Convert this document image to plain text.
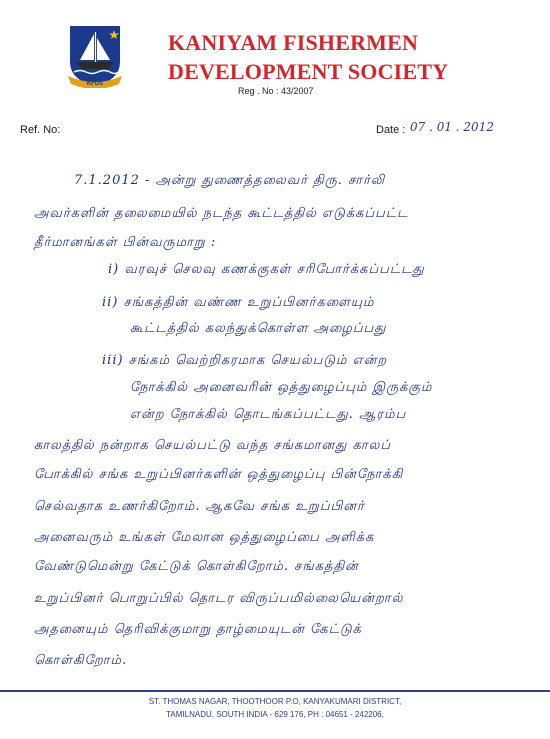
KFDS
KANIYAM FISHERMEN
DEVELOPMENT SOCIETY
Reg . No : 43/2007
Ref. No:	Date : 07 . 01 . 2012
7.1.2012 - அன்று துணைத்தலைவர் திரு. சார்லி
அவர்களின் தலைமையில் நடந்த கூட்டத்தில் எடுக்கப்பட்ட
தீர்மானங்கள் பின்வருமாறு :
i) வரவுச் செலவு கணக்குகள் சரிபோர்க்கப்பட்டது
ii) சங்கத்தின் வண்ண உறுப்பினர்களையும்
கூட்டத்தில் கலந்துக்கொள்ள அழைப்பது
iii) சங்கம் வெற்றிகரமாக செயல்படும் என்ற
நோக்கில் அனைவரின் ஒத்துழைப்பும் இருக்கும்
என்ற நோக்கில் தொடங்கப்பட்டது. ஆரம்ப
காலத்தில் நன்றாக செயல்பட்டு வந்த சங்கமானது காலப்
போக்கில் சங்க உறுப்பினர்களின் ஒத்துழைப்பு பின்நோக்கி
செல்வதாக உணர்கிறோம். ஆகவே சங்க உறுப்பினர்
அனைவரும் உங்கள் மேலான ஒத்துழைப்பை அளிக்க
வேண்டுமென்று கேட்டுக் கொள்கிறோம். சங்கத்தின்
உறுப்பினர் பொறுப்பில் தொடர விருப்பமில்லையென்றால்
அதனையும் தெரிவிக்குமாறு தாழ்மையுடன் கேட்டுக்
கொள்கிறோம்.
ST. THOMAS NAGAR, THOOTHOOR P.O, KANYAKUMARI DISTRICT,
TAMILNADU, SOUTH INDIA - 629 176, PH : 04651 - 242206,
